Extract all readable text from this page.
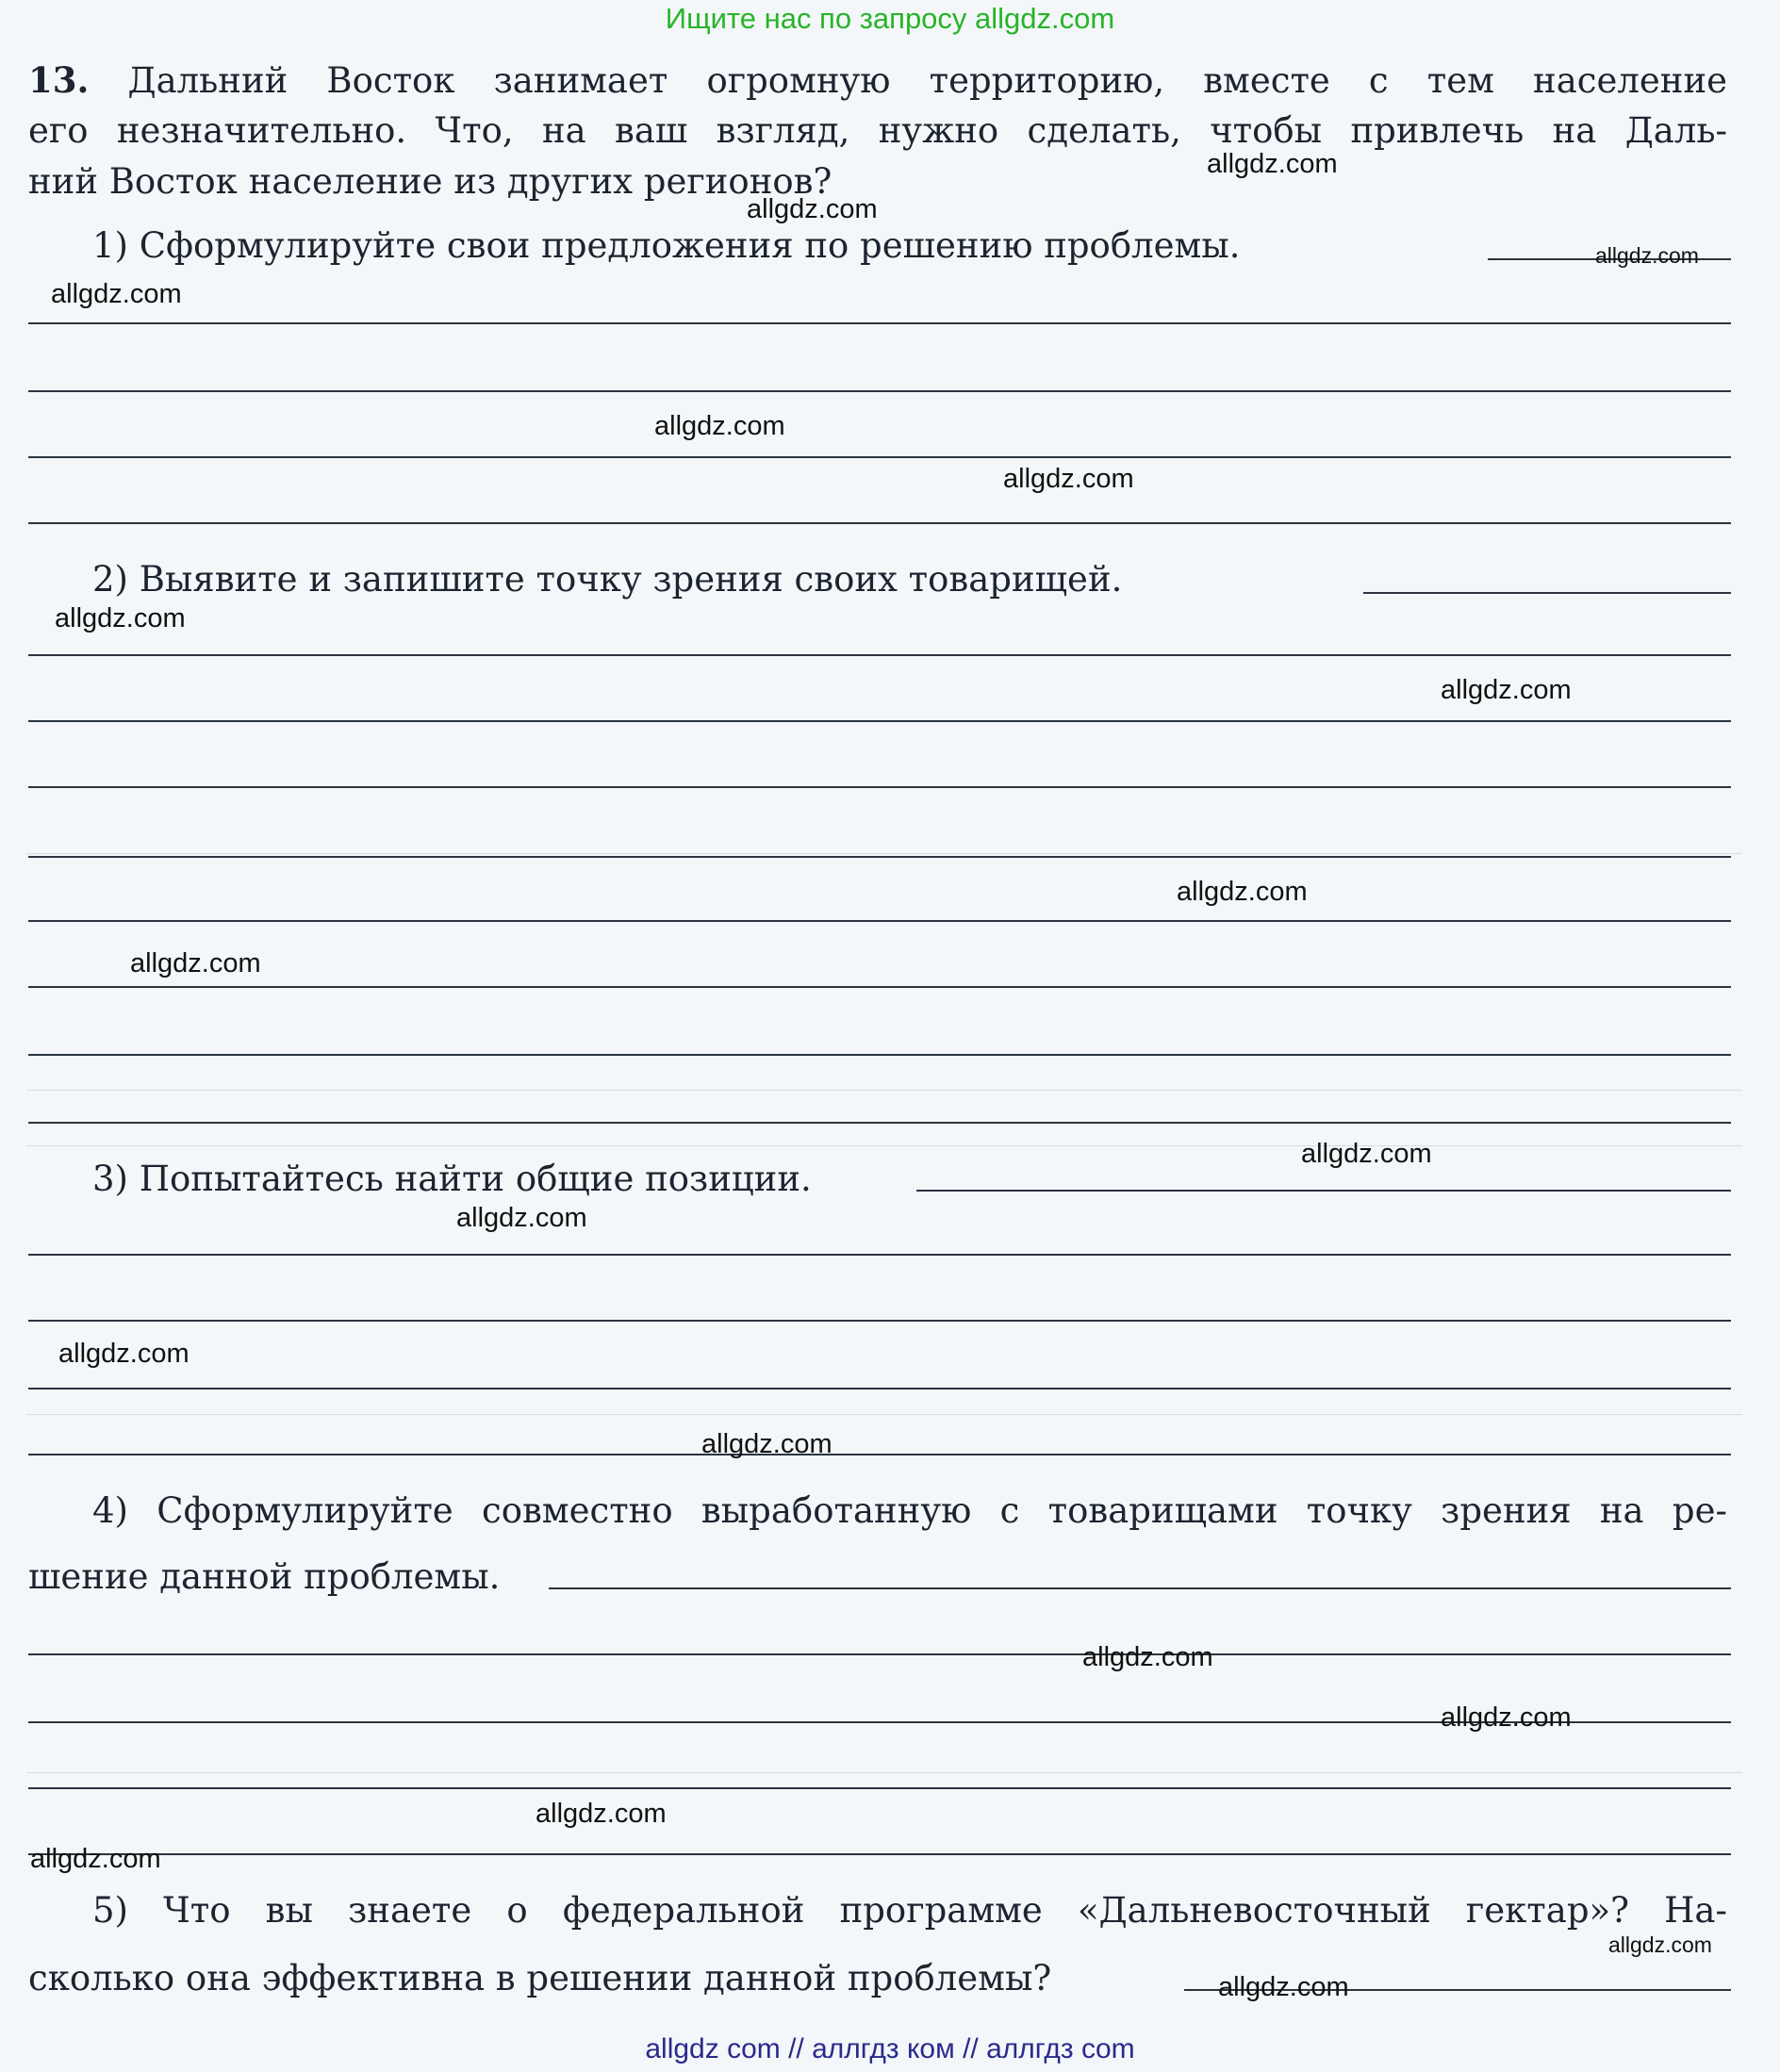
Ищите нас по запросу allgdz.com
13. Дальний Восток занимает огромную территорию, вместе с тем население
его незначительно. Что, на ваш взгляд, нужно сделать, чтобы привлечь на Даль-
ний Восток население из других регионов?
1) Сформулируйте свои предложения по решению проблемы.
2) Выявите и запишите точку зрения своих товарищей.
3) Попытайтесь найти общие позиции.
4) Сформулируйте совместно выработанную с товарищами точку зрения на ре-
шение данной проблемы.
5) Что вы знаете о федеральной программе «Дальневосточный гектар»? На-
сколько она эффективна в решении данной проблемы?
allgdz.com
allgdz.com
allgdz.com
allgdz.com
allgdz.com
allgdz.com
allgdz.com
allgdz.com
allgdz.com
allgdz.com
allgdz.com
allgdz.com
allgdz.com
allgdz.com
allgdz.com
allgdz.com
allgdz.com
allgdz.com
allgdz.com
allgdz.com
allgdz com // аллгдз ком // аллгдз com
